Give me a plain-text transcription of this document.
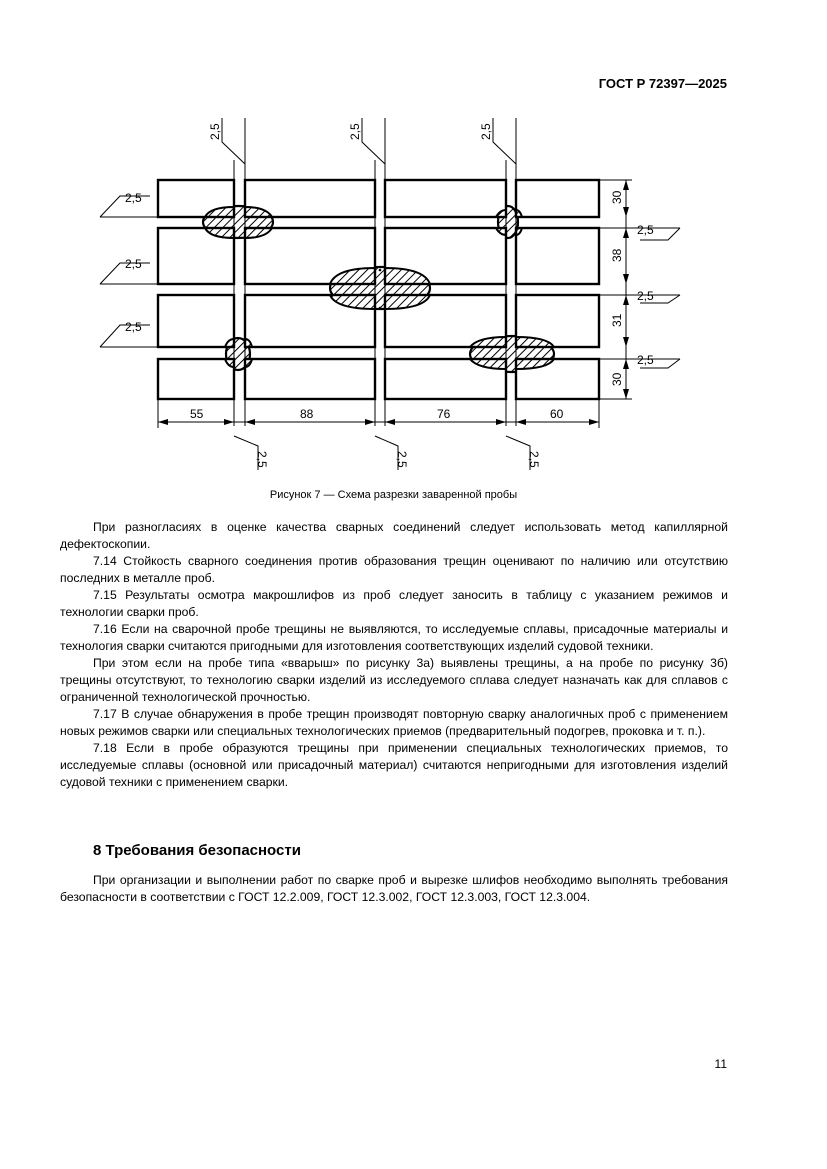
ГОСТ Р 72397—2025
2,5	2,5	2,5
2,5
2,5
2,5
2,5
2,5
2,5
30
38
31
30
55	88	76	60
2,5	2,5	2,5
Рисунок 7 — Схема разрезки заваренной пробы

При разногласиях в оценке качества сварных соединений следует использовать метод капиллярной дефектоскопии.

7.14 Стойкость сварного соединения против образования трещин оценивают по наличию или отсутствию последних в металле проб.

7.15 Результаты осмотра макрошлифов из проб следует заносить в таблицу с указанием режимов и технологии сварки проб.

7.16 Если на сварочной пробе трещины не выявляются, то исследуемые сплавы, присадочные материалы и технология сварки считаются пригодными для изготовления соответствующих изделий судовой техники.

При этом если на пробе типа «вварыш» по рисунку 3а) выявлены трещины, а на пробе по рисунку 3б) трещины отсутствуют, то технологию сварки изделий из исследуемого сплава следует назначать как для сплавов с ограниченной технологической прочностью.

7.17 В случае обнаружения в пробе трещин производят повторную сварку аналогичных проб с применением новых режимов сварки или специальных технологических приемов (предварительный подогрев, проковка и т. п.).

7.18 Если в пробе образуются трещины при применении специальных технологических приемов, то исследуемые сплавы (основной или присадочный материал) считаются непригодными для изготовления изделий судовой техники с применением сварки.

8 Требования безопасности

При организации и выполнении работ по сварке проб и вырезке шлифов необходимо выполнять требования безопасности в соответствии с ГОСТ 12.2.009, ГОСТ 12.3.002, ГОСТ 12.3.003, ГОСТ 12.3.004.

11
